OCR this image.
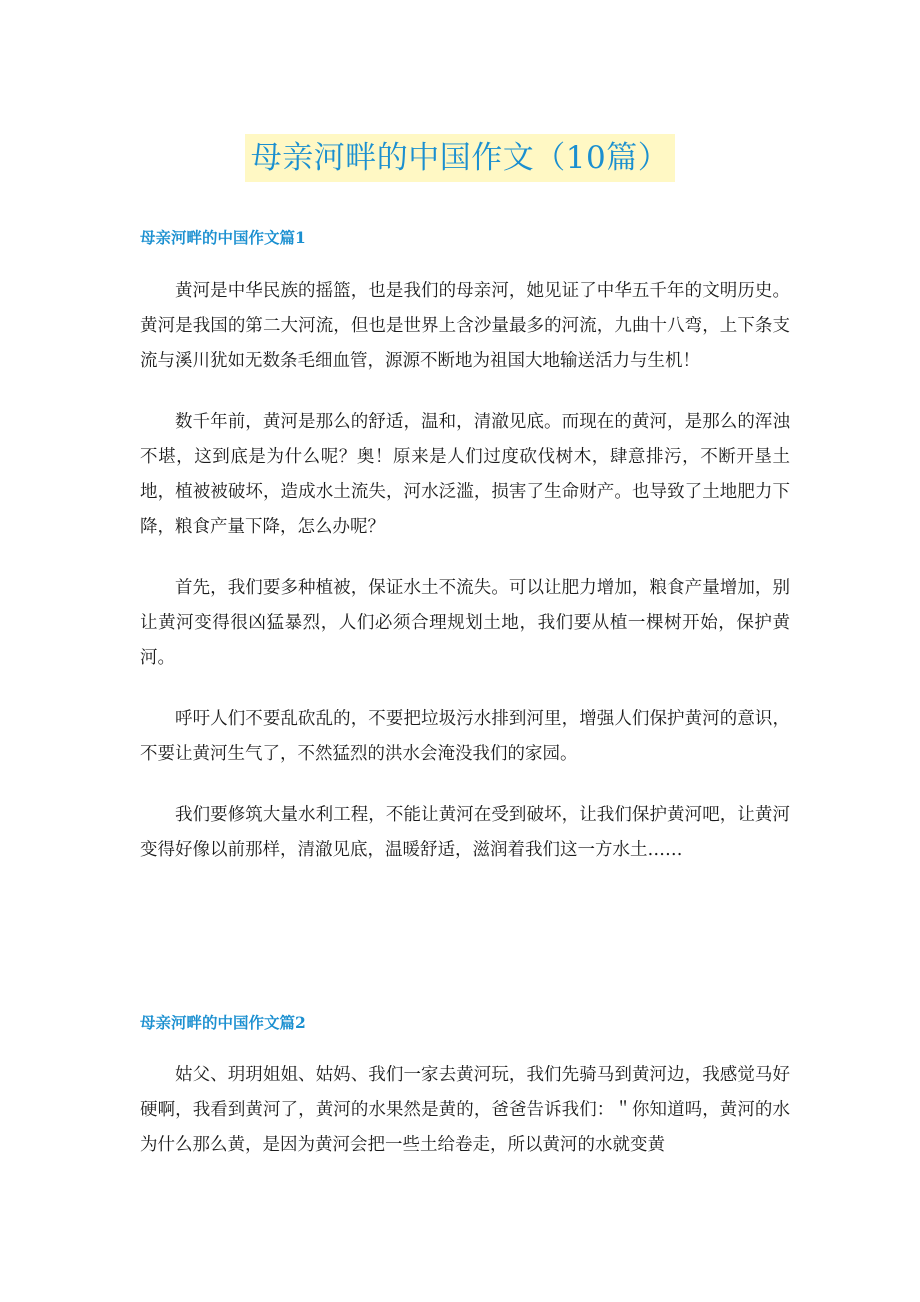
母亲河畔的中国作文（10篇）
母亲河畔的中国作文篇1

黄河是中华民族的摇篮，也是我们的母亲河，她见证了中华五千年的文明历史。黄河是我国的第二大河流，但也是世界上含沙量最多的河流，九曲十八弯，上下条支流与溪川犹如无数条毛细血管，源源不断地为祖国大地输送活力与生机！

数千年前，黄河是那么的舒适，温和，清澈见底。而现在的黄河，是那么的浑浊不堪，这到底是为什么呢？奥！原来是人们过度砍伐树木，肆意排污，不断开垦土地，植被被破坏，造成水土流失，河水泛滥，损害了生命财产。也导致了土地肥力下降，粮食产量下降，怎么办呢？

首先，我们要多种植被，保证水土不流失。可以让肥力增加，粮食产量增加，别让黄河变得很凶猛暴烈，人们必须合理规划土地，我们要从植一棵树开始，保护黄河。

呼吁人们不要乱砍乱的，不要把垃圾污水排到河里，增强人们保护黄河的意识，不要让黄河生气了，不然猛烈的洪水会淹没我们的家园。

我们要修筑大量水利工程，不能让黄河在受到破坏，让我们保护黄河吧，让黄河变得好像以前那样，清澈见底，温暖舒适，滋润着我们这一方水土……

母亲河畔的中国作文篇2

姑父、玥玥姐姐、姑妈、我们一家去黄河玩，我们先骑马到黄河边，我感觉马好硬啊，我看到黄河了，黄河的水果然是黄的，爸爸告诉我们：＂你知道吗，黄河的水为什么那么黄，是因为黄河会把一些土给卷走，所以黄河的水就变黄
